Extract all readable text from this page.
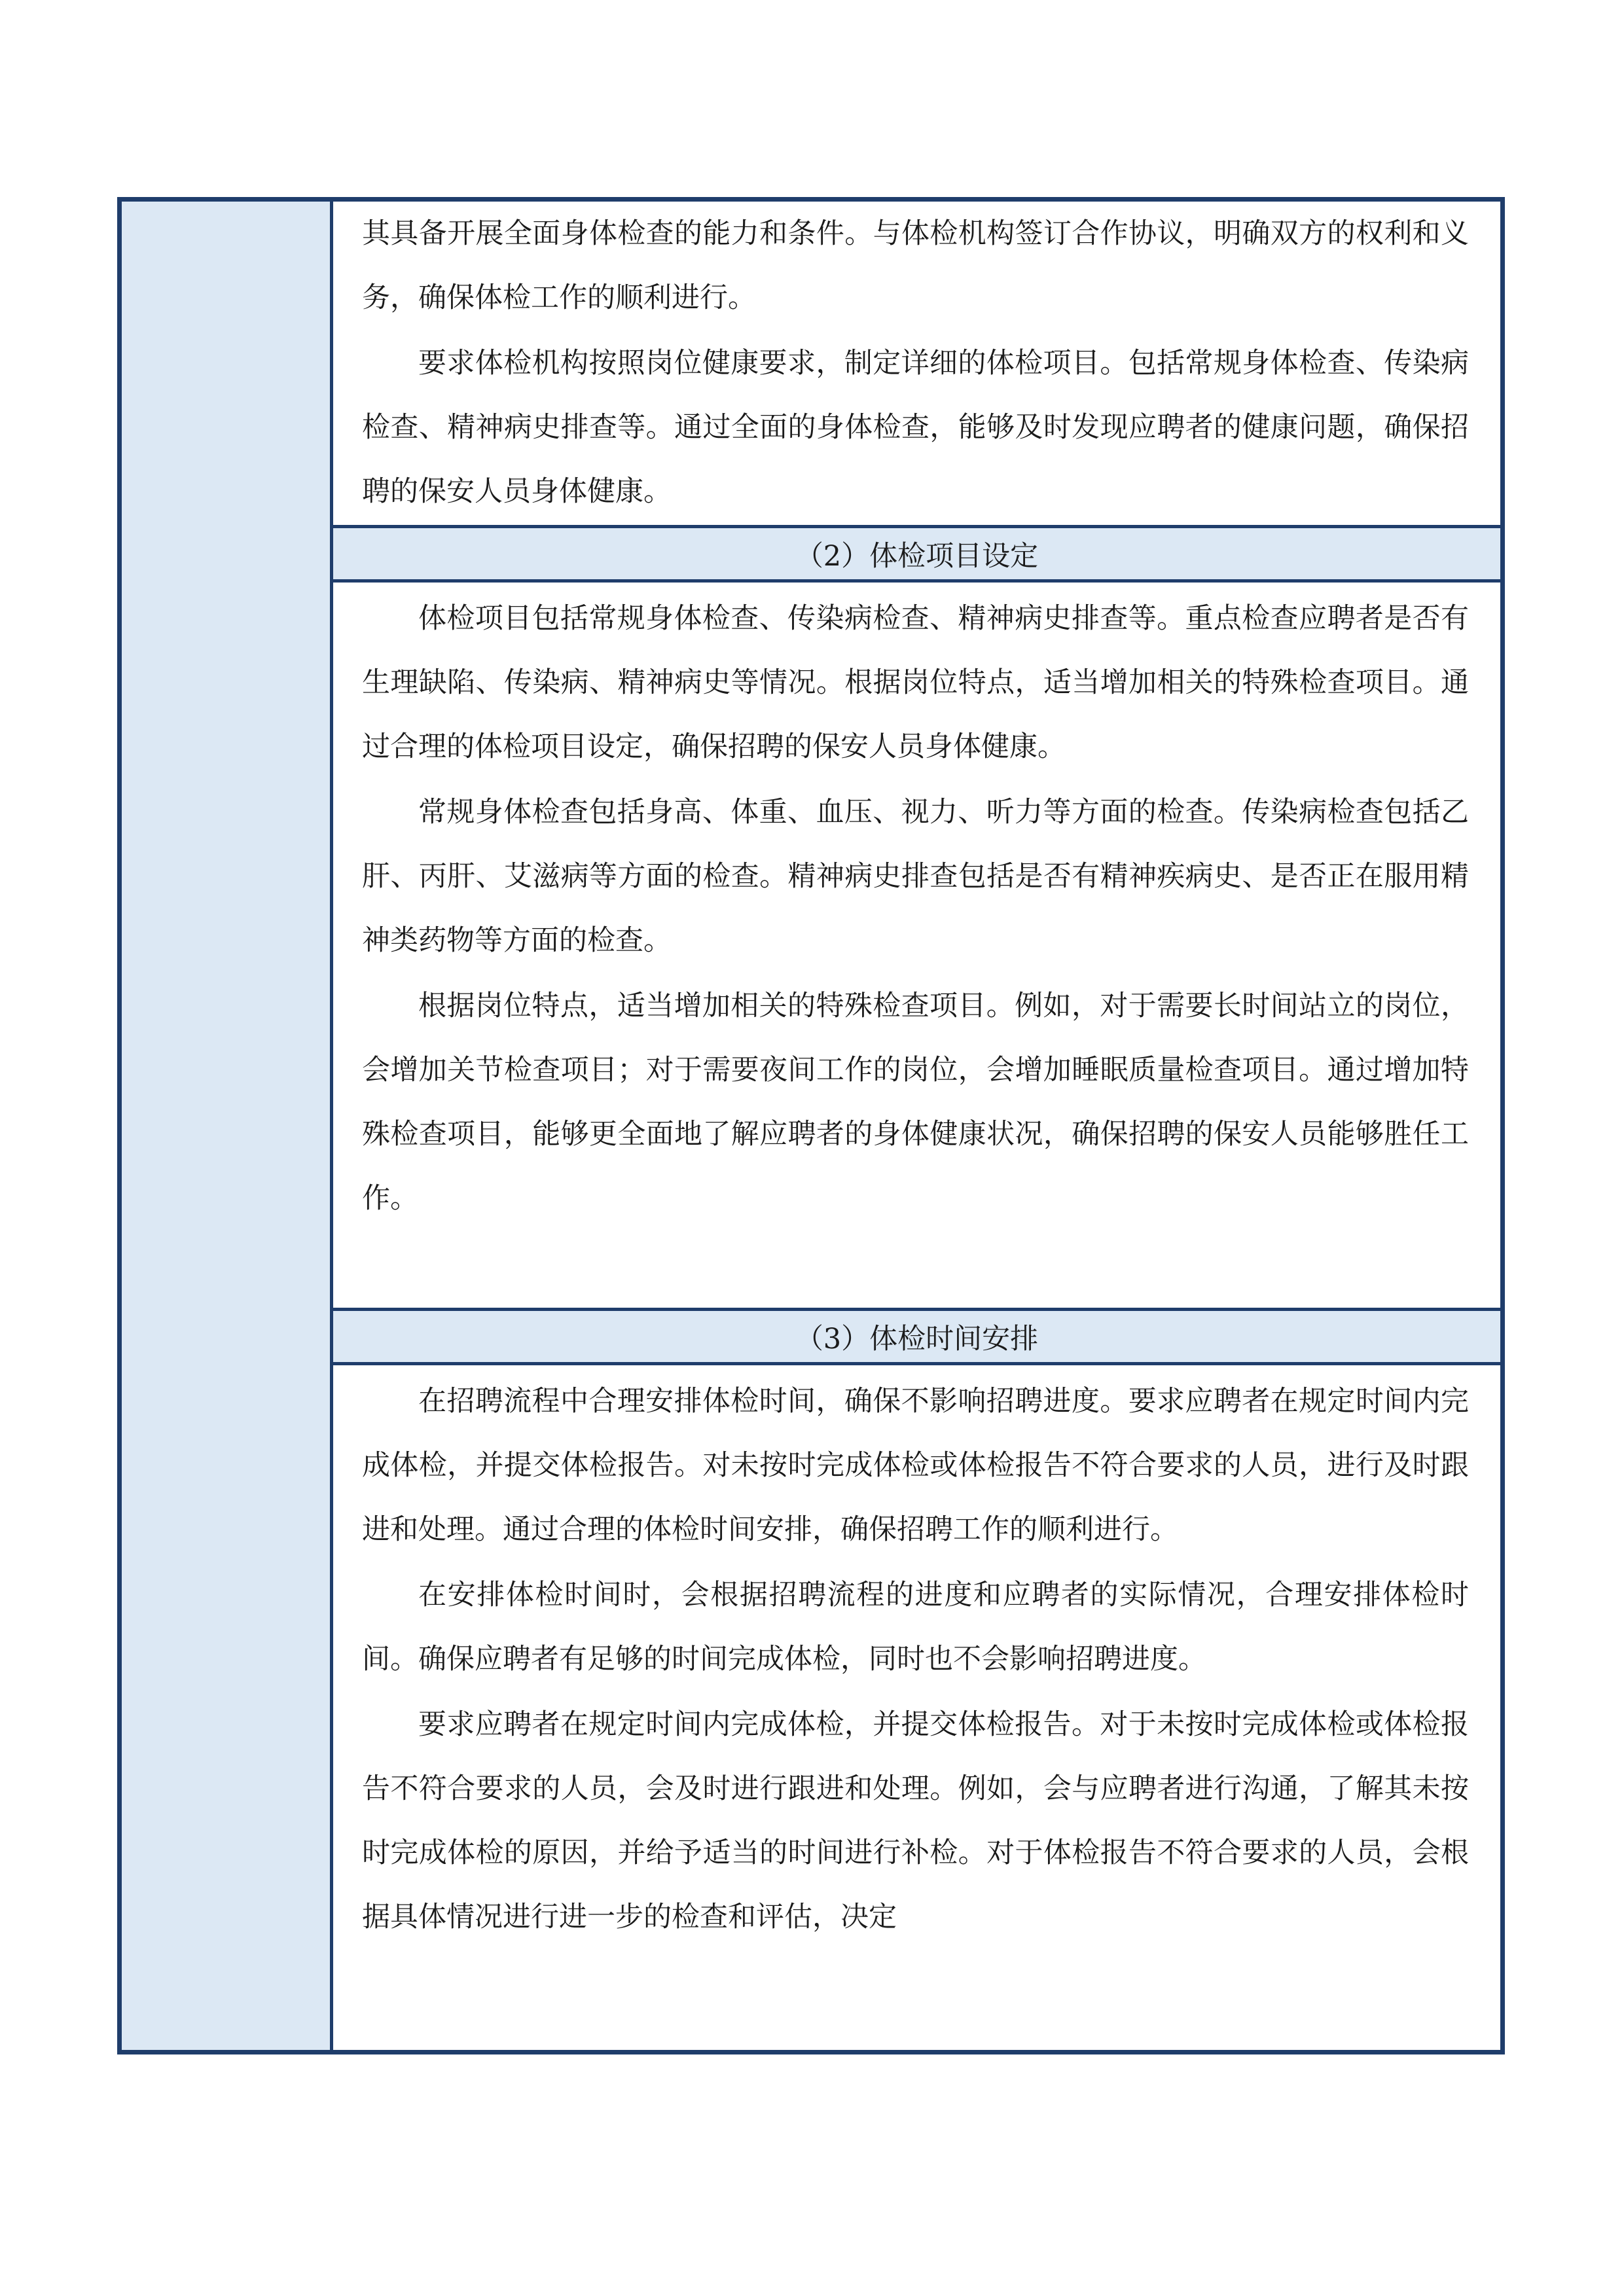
其具备开展全面身体检查的能力和条件。与体检机构签订合作协议，明确双方的权利和义务，确保体检工作的顺利进行。

要求体检机构按照岗位健康要求，制定详细的体检项目。包括常规身体检查、传染病检查、精神病史排查等。通过全面的身体检查，能够及时发现应聘者的健康问题，确保招聘的保安人员身体健康。

（2）体检项目设定

体检项目包括常规身体检查、传染病检查、精神病史排查等。重点检查应聘者是否有生理缺陷、传染病、精神病史等情况。根据岗位特点，适当增加相关的特殊检查项目。通过合理的体检项目设定，确保招聘的保安人员身体健康。

常规身体检查包括身高、体重、血压、视力、听力等方面的检查。传染病检查包括乙肝、丙肝、艾滋病等方面的检查。精神病史排查包括是否有精神疾病史、是否正在服用精神类药物等方面的检查。

根据岗位特点，适当增加相关的特殊检查项目。例如，对于需要长时间站立的岗位，会增加关节检查项目；对于需要夜间工作的岗位，会增加睡眠质量检查项目。通过增加特殊检查项目，能够更全面地了解应聘者的身体健康状况，确保招聘的保安人员能够胜任工作。

（3）体检时间安排

在招聘流程中合理安排体检时间，确保不影响招聘进度。要求应聘者在规定时间内完成体检，并提交体检报告。对未按时完成体检或体检报告不符合要求的人员，进行及时跟进和处理。通过合理的体检时间安排，确保招聘工作的顺利进行。

在安排体检时间时，会根据招聘流程的进度和应聘者的实际情况，合理安排体检时间。确保应聘者有足够的时间完成体检，同时也不会影响招聘进度。

要求应聘者在规定时间内完成体检，并提交体检报告。对于未按时完成体检或体检报告不符合要求的人员，会及时进行跟进和处理。例如，会与应聘者进行沟通，了解其未按时完成体检的原因，并给予适当的时间进行补检。对于体检报告不符合要求的人员，会根据具体情况进行进一步的检查和评估，决定
